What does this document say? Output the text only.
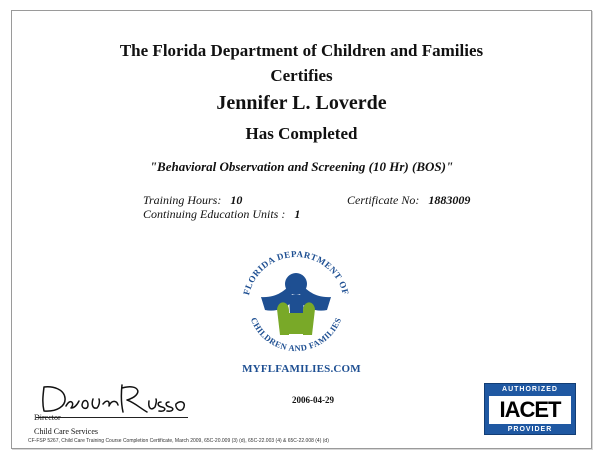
The Florida Department of Children and Families
Certifies
Jennifer L. Loverde
Has Completed
"Behavioral Observation and Screening (10 Hr) (BOS)"
Training Hours: 10	Certificate No: 1883009
Continuing Education Units : 1
FLORIDA DEPARTMENT OF
CHILDREN AND FAMILIES
MYFLFAMILIES.COM
Director
Child Care Services
2006-04-29
AUTHORIZED
IACET
PROVIDER
CF-FSP 5267, Child Care Training Course Completion Certificate, March 2009, 65C-20.009 (3) (d), 65C-22.003 (4) & 65C-22.008 (4) (d)
